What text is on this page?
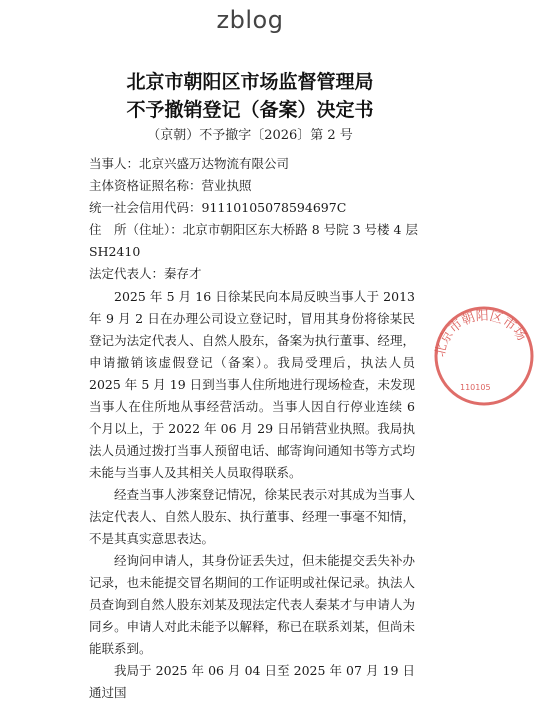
zblog
北京市朝阳区市场监督管理局
不予撤销登记（备案）决定书
（京朝）不予撤字〔2026〕第 2 号
当事人：北京兴盛万达物流有限公司
主体资格证照名称：营业执照
统一社会信用代码：91110105078594697C
住　所（住址）：北京市朝阳区东大桥路 8 号院 3 号楼 4 层
SH2410
法定代表人：秦存才

2025 年 5 月 16 日徐某民向本局反映当事人于 2013 年 9 月 2 日在办理公司设立登记时，冒用其身份将徐某民登记为法定代表人、自然人股东，备案为执行董事、经理，申请撤销该虚假登记（备案）。我局受理后，执法人员 2025 年 5 月 19 日到当事人住所地进行现场检查，未发现当事人在住所地从事经营活动。当事人因自行停业连续 6 个月以上，于 2022 年 06 月 29 日吊销营业执照。我局执法人员通过拨打当事人预留电话、邮寄询问通知书等方式均未能与当事人及其相关人员取得联系。

经查当事人涉案登记情况，徐某民表示对其成为当事人法定代表人、自然人股东、执行董事、经理一事毫不知情，不是其真实意思表达。

经询问申请人，其身份证丢失过，但未能提交丢失补办记录，也未能提交冒名期间的工作证明或社保记录。执法人员查询到自然人股东刘某及现法定代表人秦某才与申请人为同乡。申请人对此未能予以解释，称已在联系刘某，但尚未能联系到。

我局于 2025 年 06 月 04 日至 2025 年 07 月 19 日通过国

北京市朝阳区市场
110105
